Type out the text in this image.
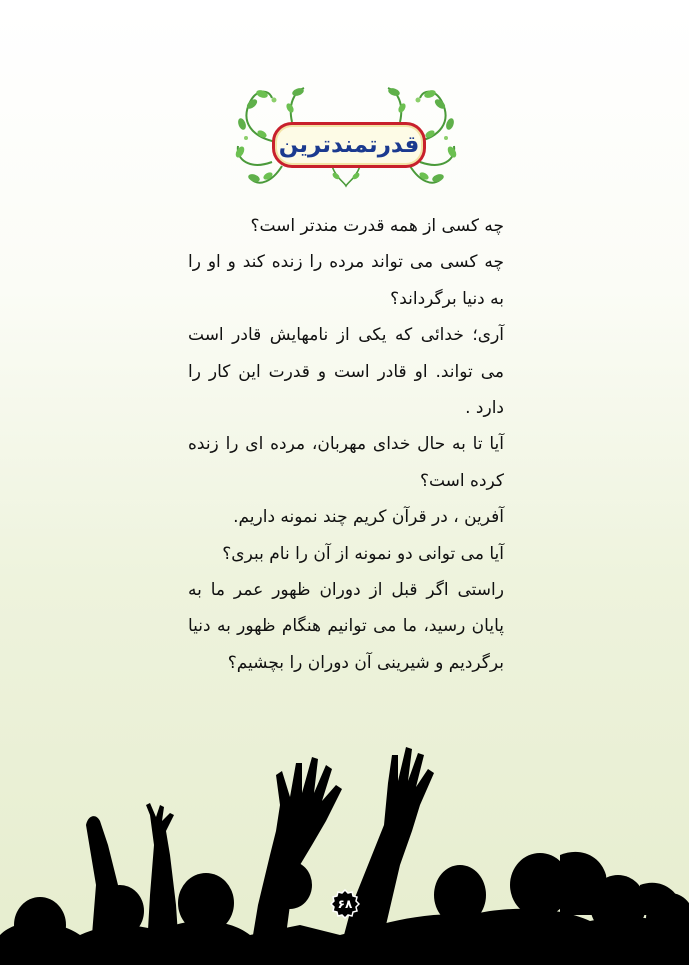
قدرتمندترین

چه کسی از همه قدرت مندتر است؟

چه کسی می تواند مرده را زنده کند و او را به دنیا برگرداند؟

آری؛ خدائی که یکی از نامهایش قادر است می تواند. او قادر است و قدرت این کار را دارد .

آیا تا به حال خدای مهربان، مرده ای را زنده کرده است؟

آفرین ، در قرآن کریم چند نمونه داریم.

آیا می توانی دو نمونه از آن را نام ببری؟

راستی اگر قبل از دوران ظهور عمر ما به پایان رسید، ما می توانیم هنگام ظهور به دنیا برگردیم و شیرینی آن دوران را بچشیم؟

۶۸
